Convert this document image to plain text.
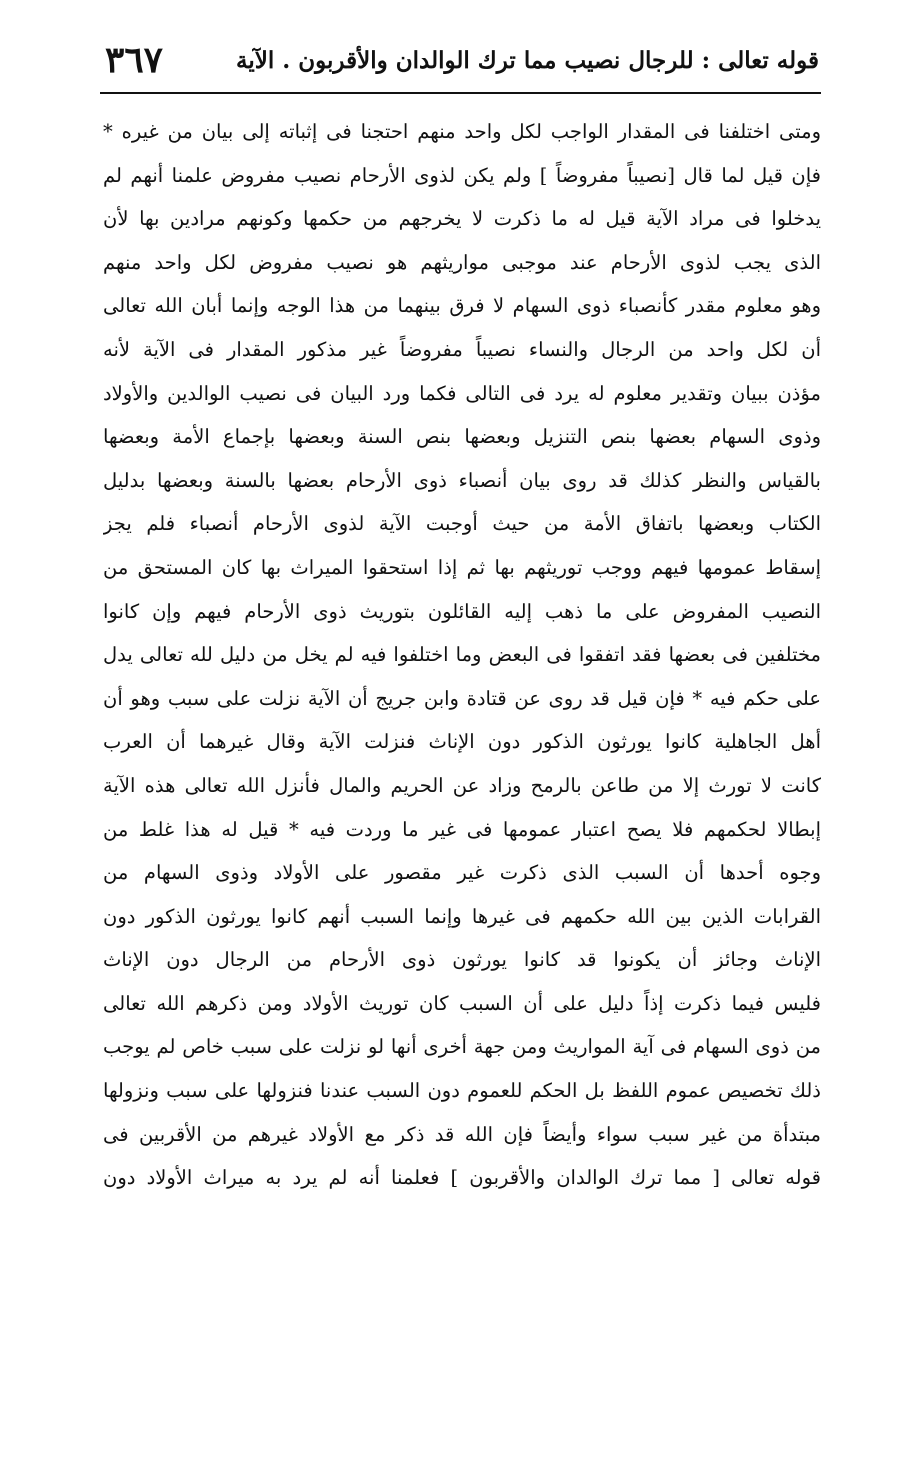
قوله تعالى : للرجال نصيب مما ترك الوالدان والأقربون . الآية
٣٦٧
ومتى اختلفنا فى المقدار الواجب لكل واحد منهم احتجنا فى إثباته إلى بيان من غيره *
فإن قيل لما قال [نصيباً مفروضاً ] ولم يكن لذوى الأرحام نصيب مفروض علمنا أنهم لم
يدخلوا فى مراد الآية قيل له ما ذكرت لا يخرجهم من حكمها وكونهم مرادين بها لأن
الذى يجب لذوى الأرحام عند موجبى مواريثهم هو نصيب مفروض لكل واحد منهم
وهو معلوم مقدر كأنصباء ذوى السهام لا فرق بينهما من هذا الوجه وإنما أبان الله تعالى
أن لكل واحد من الرجال والنساء نصيباً مفروضاً غير مذكور المقدار فى الآية لأنه
مؤذن ببيان وتقدير معلوم له يرد فى التالى فكما ورد البيان فى نصيب الوالدين والأولاد
وذوى السهام بعضها بنص التنزيل وبعضها بنص السنة وبعضها بإجماع الأمة وبعضها
بالقياس والنظر كذلك قد روى بيان أنصباء ذوى الأرحام بعضها بالسنة وبعضها بدليل
الكتاب وبعضها باتفاق الأمة من حيث أوجبت الآية لذوى الأرحام أنصباء فلم يجز
إسقاط عمومها فيهم ووجب توريثهم بها ثم إذا استحقوا الميراث بها كان المستحق من
النصيب المفروض على ما ذهب إليه القائلون بتوريث ذوى الأرحام فيهم وإن كانوا
مختلفين فى بعضها فقد اتفقوا فى البعض وما اختلفوا فيه لم يخل من دليل لله تعالى يدل
على حكم فيه * فإن قيل قد روى عن قتادة وابن جريج أن الآية نزلت على سبب وهو أن
أهل الجاهلية كانوا يورثون الذكور دون الإناث فنزلت الآية وقال غيرهما أن العرب
كانت لا تورث إلا من طاعن بالرمح وزاد عن الحريم والمال فأنزل الله تعالى هذه الآية
إبطالا لحكمهم فلا يصح اعتبار عمومها فى غير ما وردت فيه * قيل له هذا غلط من
وجوه أحدها أن السبب الذى ذكرت غير مقصور على الأولاد وذوى السهام من
القرابات الذين بين الله حكمهم فى غيرها وإنما السبب أنهم كانوا يورثون الذكور دون
الإناث وجائز أن يكونوا قد كانوا يورثون ذوى الأرحام من الرجال دون الإناث
فليس فيما ذكرت إذاً دليل على أن السبب كان توريث الأولاد ومن ذكرهم الله تعالى
من ذوى السهام فى آية المواريث ومن جهة أخرى أنها لو نزلت على سبب خاص لم يوجب
ذلك تخصيص عموم اللفظ بل الحكم للعموم دون السبب عندنا فنزولها على سبب ونزولها
مبتدأة من غير سبب سواء وأيضاً فإن الله قد ذكر مع الأولاد غيرهم من الأقربين فى
قوله تعالى [ مما ترك الوالدان والأقربون ] فعلمنا أنه لم يرد به ميراث الأولاد دون
